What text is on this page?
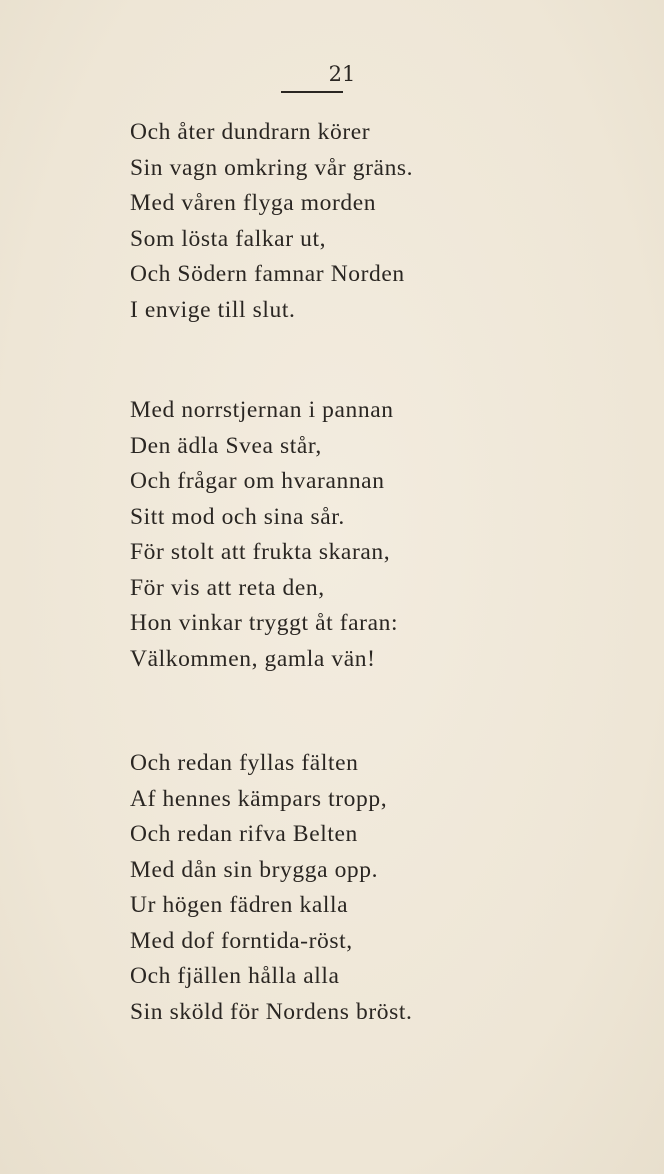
21
Och åter dundrarn körer
Sin vagn omkring vår gräns.
Med våren flyga morden
Som lösta falkar ut,
Och Södern famnar Norden
I envige till slut.
Med norrstjernan i pannan
Den ädla Svea står,
Och frågar om hvarannan
Sitt mod och sina sår.
För stolt att frukta skaran,
För vis att reta den,
Hon vinkar tryggt åt faran:
Välkommen, gamla vän!
Och redan fyllas fälten
Af hennes kämpars tropp,
Och redan rifva Belten
Med dån sin brygga opp.
Ur högen fädren kalla
Med dof forntida-röst,
Och fjällen hålla alla
Sin sköld för Nordens bröst.
